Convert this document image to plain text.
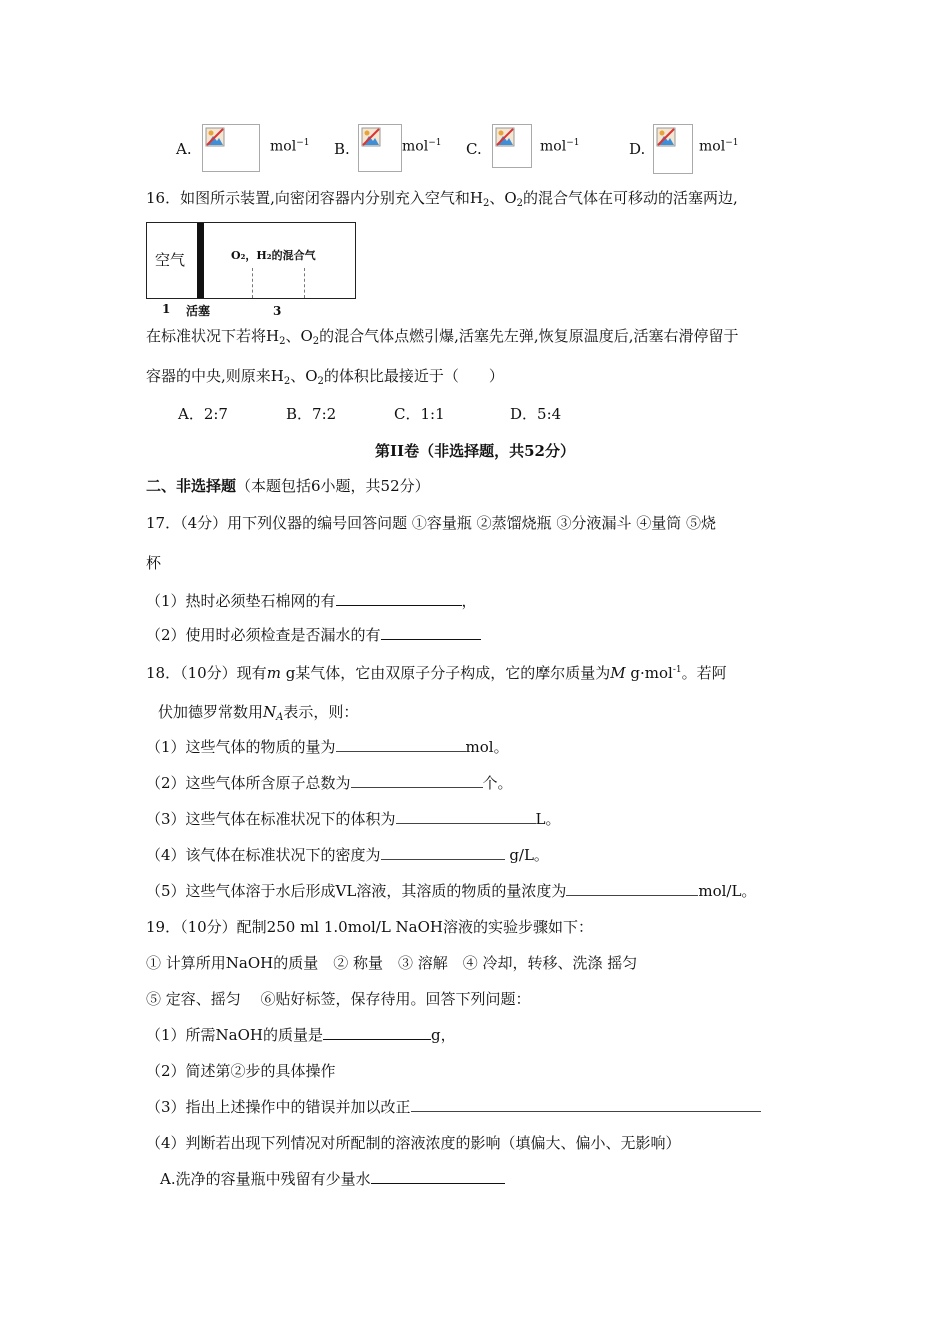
A.	mol$^{-1}$ B.	mol$^{-1}$ C.	mol$^{-1}$	D.	mol$^{-1}$
16．如图所示装置,向密闭容器内分别充入空气和$H_2$、$O_2$的混合气体在可移动的活塞两边,
空气	O₂，H₂的混合气
1 活塞	3
在标准状况下若将$H_2$、$O_2$的混合气体点燃引爆,活塞先左弹,恢复原温度后,活塞右滑停留于
容器的中央,则原来$H_2$、$O_2$的体积比最接近于（　　）
A．2:7	B．7:2	C．1:1	D．5:4
第II卷（非选择题，共52分）
二、非选择题（本题包括6小题，共52分）
17．（4分）用下列仪器的编号回答问题 ①容量瓶 ②蒸馏烧瓶 ③分液漏斗 ④量筒 ⑤烧
杯
（1）热时必须垫石棉网的有	，
（2）使用时必须检查是否漏水的有
18．（10分）现有m g某气体，它由双原子分子构成，它的摩尔质量为M g·mol$^{-1}$。若阿
伏加德罗常数用$N_A$表示，则：
（1）这些气体的物质的量为	mol。
（2）这些气体所含原子总数为	个。
（3）这些气体在标准状况下的体积为	L。
（4）该气体在标准状况下的密度为	g/L。
（5）这些气体溶于水后形成VL溶液，其溶质的物质的量浓度为	mol/L。
19．（10分）配制250 ml 1.0mol/L NaOH溶液的实验步骤如下：
① 计算所用NaOH的质量　② 称量　③ 溶解　④ 冷却，转移、洗涤 摇匀
⑤ 定容、摇匀　 ⑥贴好标签，保存待用。回答下列问题：
（1）所需NaOH的质量是	g，
（2）简述第②步的具体操作
（3）指出上述操作中的错误并加以改正
（4）判断若出现下列情况对所配制的溶液浓度的影响（填偏大、偏小、无影响）
A.洗净的容量瓶中残留有少量水
